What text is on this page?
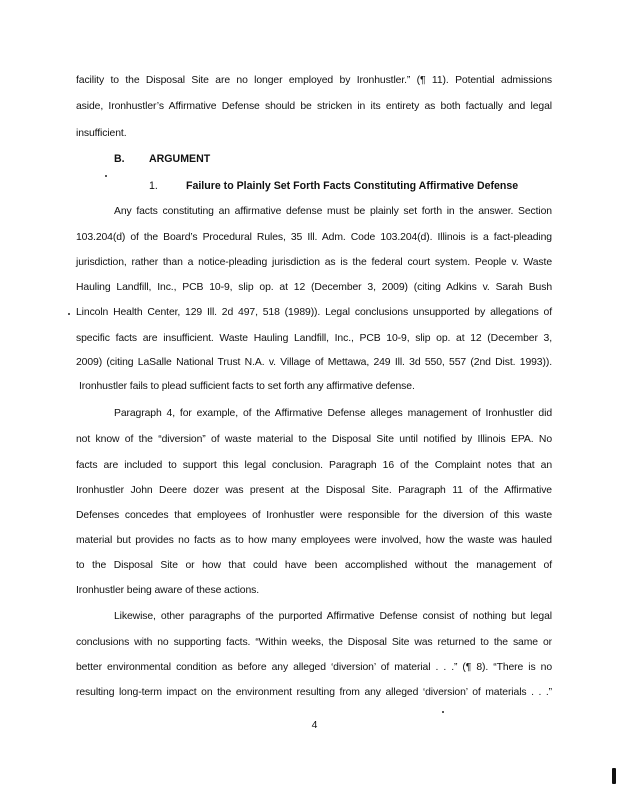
facility to the Disposal Site are no longer employed by Ironhustler.” (¶ 11). Potential admissions
aside, Ironhustler’s Affirmative Defense should be stricken in its entirety as both factually and legal
insufficient.
B. ARGUMENT
1.	Failure to Plainly Set Forth Facts Constituting Affirmative Defense
Any facts constituting an affirmative defense must be plainly set forth in the answer. Section
103.204(d) of the Board’s Procedural Rules, 35 Ill. Adm. Code 103.204(d). Illinois is a fact-pleading
jurisdiction, rather than a notice-pleading jurisdiction as is the federal court system. People v. Waste
Hauling Landfill, Inc., PCB 10-9, slip op. at 12 (December 3, 2009) (citing Adkins v. Sarah Bush
Lincoln Health Center, 129 Ill. 2d 497, 518 (1989)). Legal conclusions unsupported by allegations of
specific facts are insufficient. Waste Hauling Landfill, Inc., PCB 10-9, slip op. at 12 (December 3,
2009) (citing LaSalle National Trust N.A. v. Village of Mettawa, 249 Ill. 3d 550, 557 (2nd Dist. 1993)).
Ironhustler fails to plead sufficient facts to set forth any affirmative defense.
Paragraph 4, for example, of the Affirmative Defense alleges management of Ironhustler did
not know of the “diversion” of waste material to the Disposal Site until notified by Illinois EPA. No
facts are included to support this legal conclusion. Paragraph 16 of the Complaint notes that an
Ironhustler John Deere dozer was present at the Disposal Site. Paragraph 11 of the Affirmative
Defenses concedes that employees of Ironhustler were responsible for the diversion of this waste
material but provides no facts as to how many employees were involved, how the waste was hauled
to the Disposal Site or how that could have been accomplished without the management of
Ironhustler being aware of these actions.
Likewise, other paragraphs of the purported Affirmative Defense consist of nothing but legal
conclusions with no supporting facts. “Within weeks, the Disposal Site was returned to the same or
better environmental condition as before any alleged ‘diversion’ of material . . .” (¶ 8). “There is no
resulting long-term impact on the environment resulting from any alleged ‘diversion’ of materials . . .”
4
